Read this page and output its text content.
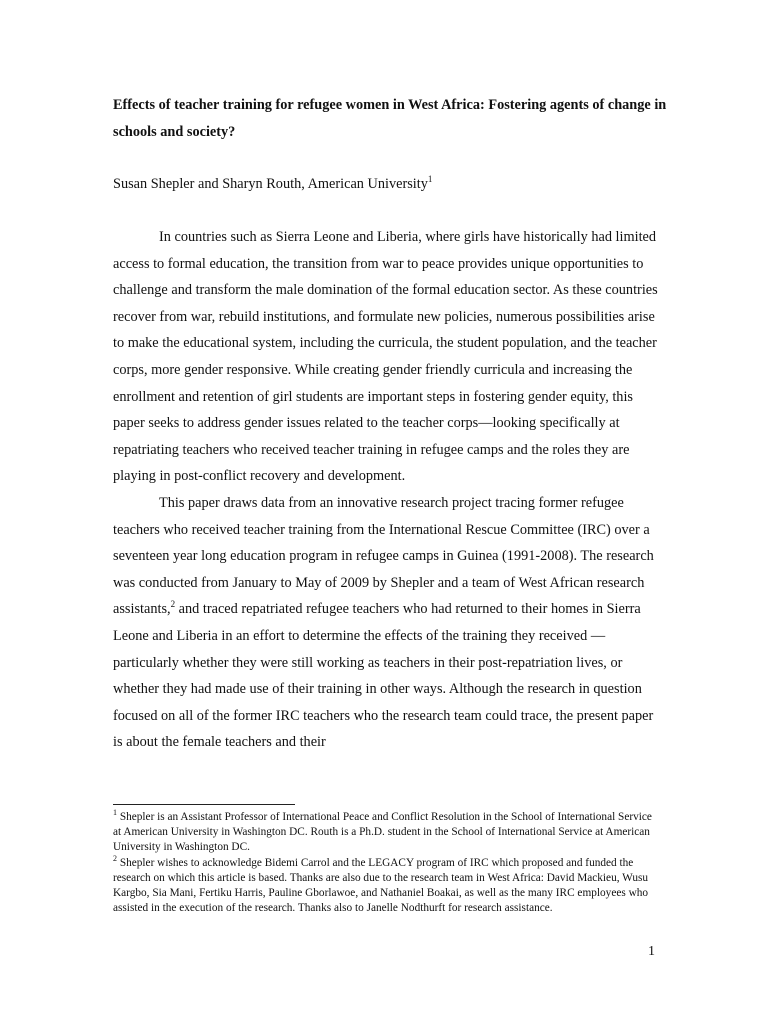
Effects of teacher training for refugee women in West Africa: Fostering agents of change in schools and society?

Susan Shepler and Sharyn Routh, American University$^1$

In countries such as Sierra Leone and Liberia, where girls have historically had limited access to formal education, the transition from war to peace provides unique opportunities to challenge and transform the male domination of the formal education sector. As these countries recover from war, rebuild institutions, and formulate new policies, numerous possibilities arise to make the educational system, including the curricula, the student population, and the teacher corps, more gender responsive. While creating gender friendly curricula and increasing the enrollment and retention of girl students are important steps in fostering gender equity, this paper seeks to address gender issues related to the teacher corps—looking specifically at repatriating teachers who received teacher training in refugee camps and the roles they are playing in post-conflict recovery and development.

This paper draws data from an innovative research project tracing former refugee teachers who received teacher training from the International Rescue Committee (IRC) over a seventeen year long education program in refugee camps in Guinea (1991-2008). The research was conducted from January to May of 2009 by Shepler and a team of West African research assistants,$^2$ and traced repatriated refugee teachers who had returned to their homes in Sierra Leone and Liberia in an effort to determine the effects of the training they received —particularly whether they were still working as teachers in their post-repatriation lives, or whether they had made use of their training in other ways. Although the research in question focused on all of the former IRC teachers who the research team could trace, the present paper is about the female teachers and their

$^1$ Shepler is an Assistant Professor of International Peace and Conflict Resolution in the School of International Service at American University in Washington DC. Routh is a Ph.D. student in the School of International Service at American University in Washington DC.

$^2$ Shepler wishes to acknowledge Bidemi Carrol and the LEGACY program of IRC which proposed and funded the research on which this article is based. Thanks are also due to the research team in West Africa: David Mackieu, Wusu Kargbo, Sia Mani, Fertiku Harris, Pauline Gborlawoe, and Nathaniel Boakai, as well as the many IRC employees who assisted in the execution of the research. Thanks also to Janelle Nodthurft for research assistance.

1
